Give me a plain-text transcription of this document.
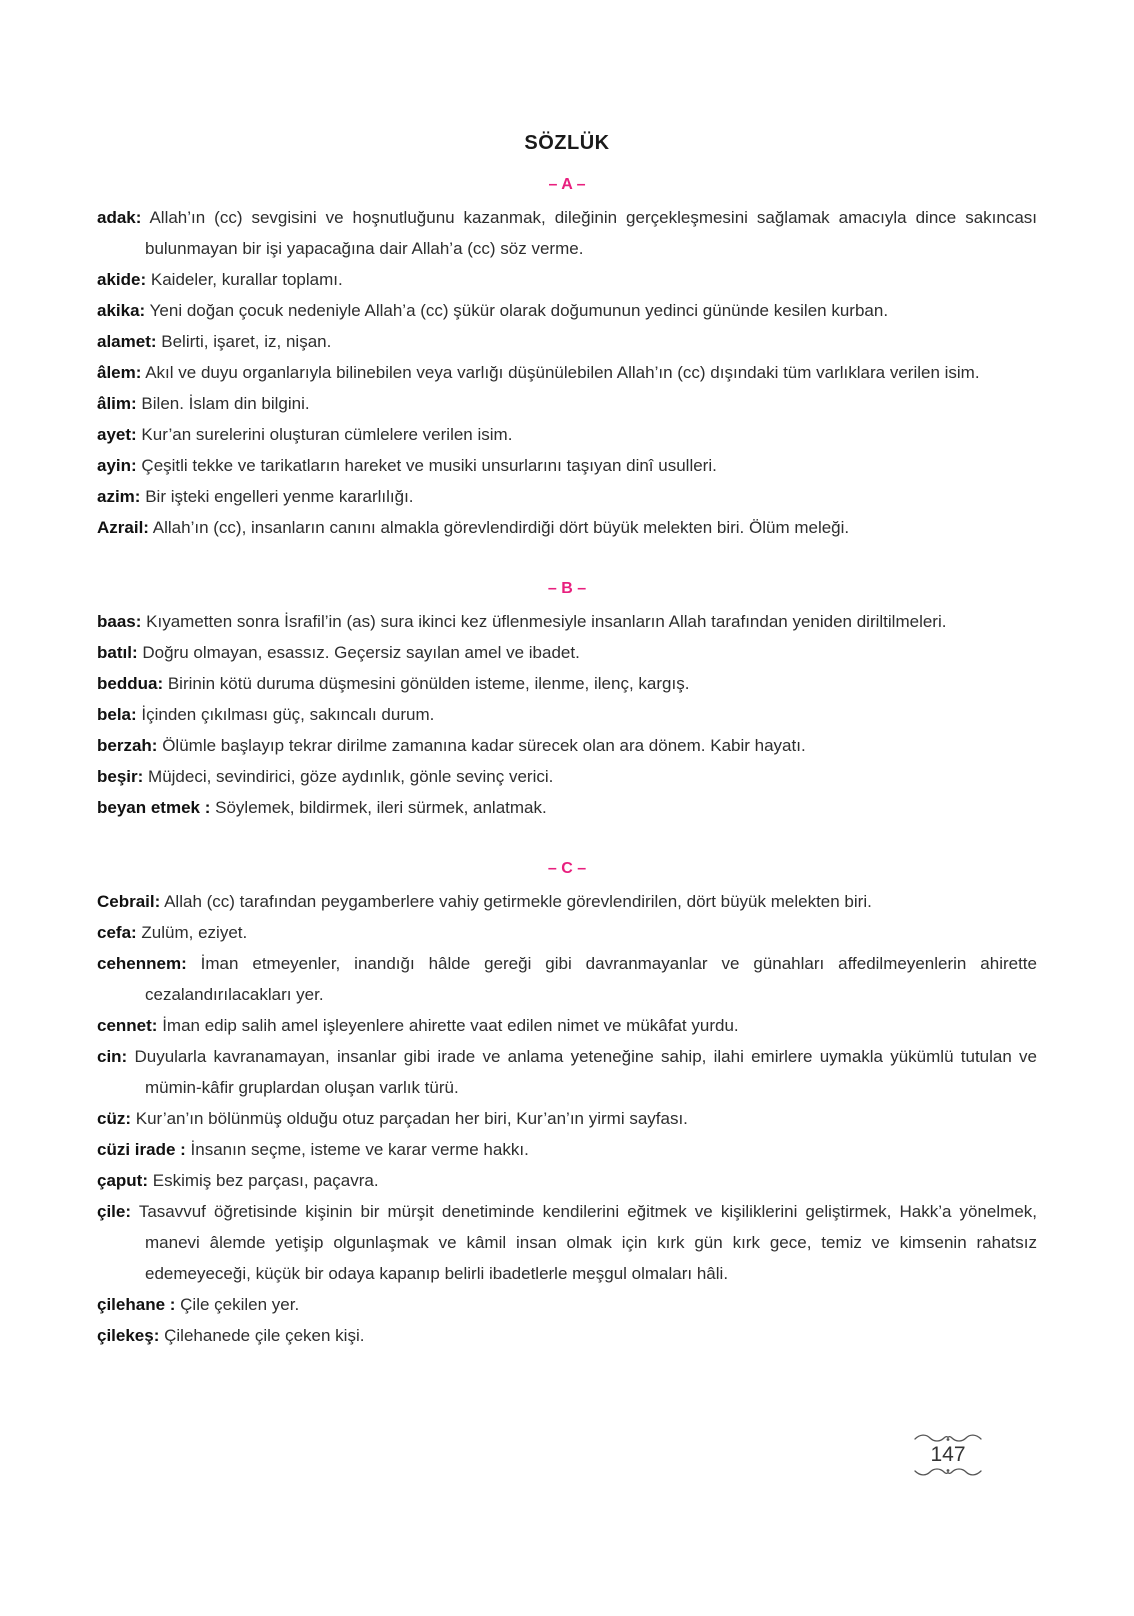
SÖZLÜK
– A –

adak: Allah’ın (cc) sevgisini ve hoşnutluğunu kazanmak, dileğinin gerçekleşmesini sağlamak amacıyla dince sakıncası bulunmayan bir işi yapacağına dair Allah’a (cc) söz verme.

akide: Kaideler, kurallar toplamı.

akika: Yeni doğan çocuk nedeniyle Allah’a (cc) şükür olarak doğumunun yedinci gününde kesilen kurban.

alamet: Belirti, işaret, iz, nişan.

âlem: Akıl ve duyu organlarıyla bilinebilen veya varlığı düşünülebilen Allah’ın (cc) dışındaki tüm varlıklara verilen isim.

âlim: Bilen. İslam din bilgini.

ayet: Kur’an surelerini oluşturan cümlelere verilen isim.

ayin: Çeşitli tekke ve tarikatların hareket ve musiki unsurlarını taşıyan dinî usulleri.

azim: Bir işteki engelleri yenme kararlılığı.

Azrail: Allah’ın (cc), insanların canını almakla görevlendirdiği dört büyük melekten biri. Ölüm meleği.

– B –

baas: Kıyametten sonra İsrafil’in (as) sura ikinci kez üflenmesiyle insanların Allah tarafından yeniden diriltilmeleri.

batıl: Doğru olmayan, esassız. Geçersiz sayılan amel ve ibadet.

beddua: Birinin kötü duruma düşmesini gönülden isteme, ilenme, ilenç, kargış.

bela: İçinden çıkılması güç, sakıncalı durum.

berzah: Ölümle başlayıp tekrar dirilme zamanına kadar sürecek olan ara dönem. Kabir hayatı.

beşir: Müjdeci, sevindirici, göze aydınlık, gönle sevinç verici.

beyan etmek : Söylemek, bildirmek, ileri sürmek, anlatmak.

– C –

Cebrail: Allah (cc) tarafından peygamberlere vahiy getirmekle görevlendirilen, dört büyük melekten biri.

cefa: Zulüm, eziyet.

cehennem: İman etmeyenler, inandığı hâlde gereği gibi davranmayanlar ve günahları affedilmeyenlerin ahirette cezalandırılacakları yer.

cennet: İman edip salih amel işleyenlere ahirette vaat edilen nimet ve mükâfat yurdu.

cin: Duyularla kavranamayan, insanlar gibi irade ve anlama yeteneğine sahip, ilahi emirlere uymakla yükümlü tutulan ve mümin-kâfir gruplardan oluşan varlık türü.

cüz: Kur’an’ın bölünmüş olduğu otuz parçadan her biri, Kur’an’ın yirmi sayfası.

cüzi irade : İnsanın seçme, isteme ve karar verme hakkı.

çaput: Eskimiş bez parçası, paçavra.

çile: Tasavvuf öğretisinde kişinin bir mürşit denetiminde kendilerini eğitmek ve kişiliklerini geliştirmek, Hakk’a yönelmek, manevi âlemde yetişip olgunlaşmak ve kâmil insan olmak için kırk gün kırk gece, temiz ve kimsenin rahatsız edemeyeceği, küçük bir odaya kapanıp belirli ibadetlerle meşgul olmaları hâli.

çilehane : Çile çekilen yer.

çilekeş: Çilehanede çile çeken kişi.

147
